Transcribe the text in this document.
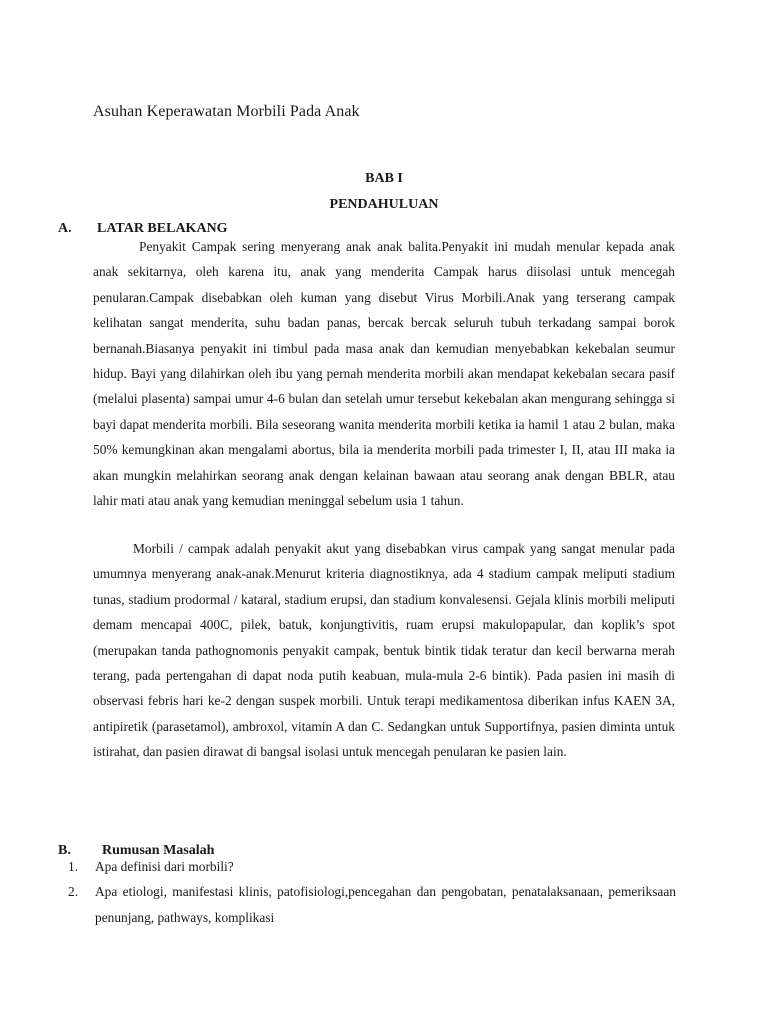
Asuhan Keperawatan Morbili Pada Anak
BAB I
PENDAHULUAN
A. LATAR BELAKANG

Penyakit Campak sering menyerang anak anak balita.Penyakit ini mudah menular kepada anak anak sekitarnya, oleh karena itu, anak yang menderita Campak harus diisolasi untuk mencegah penularan.Campak disebabkan oleh kuman yang disebut Virus Morbili.Anak yang terserang campak kelihatan sangat menderita, suhu badan panas, bercak bercak seluruh tubuh terkadang sampai borok bernanah.Biasanya penyakit ini timbul pada masa anak dan kemudian menyebabkan kekebalan seumur hidup. Bayi yang dilahirkan oleh ibu yang pernah menderita morbili akan mendapat kekebalan secara pasif (melalui plasenta) sampai umur 4-6 bulan dan setelah umur tersebut kekebalan akan mengurang sehingga si bayi dapat menderita morbili. Bila seseorang wanita menderita morbili ketika ia hamil 1 atau 2 bulan, maka 50% kemungkinan akan mengalami abortus, bila ia menderita morbili pada trimester I, II, atau III maka ia akan mungkin melahirkan seorang anak dengan kelainan bawaan atau seorang anak dengan BBLR, atau lahir mati atau anak yang kemudian meninggal sebelum usia 1 tahun.

Morbili / campak adalah penyakit akut yang disebabkan virus campak yang sangat menular pada umumnya menyerang anak-anak.Menurut kriteria diagnostiknya, ada 4 stadium campak meliputi stadium tunas, stadium prodormal / kataral, stadium erupsi, dan stadium konvalesensi. Gejala klinis morbili meliputi demam mencapai 400C, pilek, batuk, konjungtivitis, ruam erupsi makulopapular, dan koplik’s spot (merupakan tanda pathognomonis penyakit campak, bentuk bintik tidak teratur dan kecil berwarna merah terang, pada pertengahan di dapat noda putih keabuan, mula-mula 2-6 bintik). Pada pasien ini masih di observasi febris hari ke-2 dengan suspek morbili. Untuk terapi medikamentosa diberikan infus KAEN 3A, antipiretik (parasetamol), ambroxol, vitamin A dan C. Sedangkan untuk Supportifnya, pasien diminta untuk istirahat, dan pasien dirawat di bangsal isolasi untuk mencegah penularan ke pasien lain.

B. Rumusan Masalah
1. Apa definisi dari morbili?
2. Apa etiologi, manifestasi klinis, patofisiologi,pencegahan dan pengobatan, penatalaksanaan, pemeriksaan penunjang, pathways, komplikasi
